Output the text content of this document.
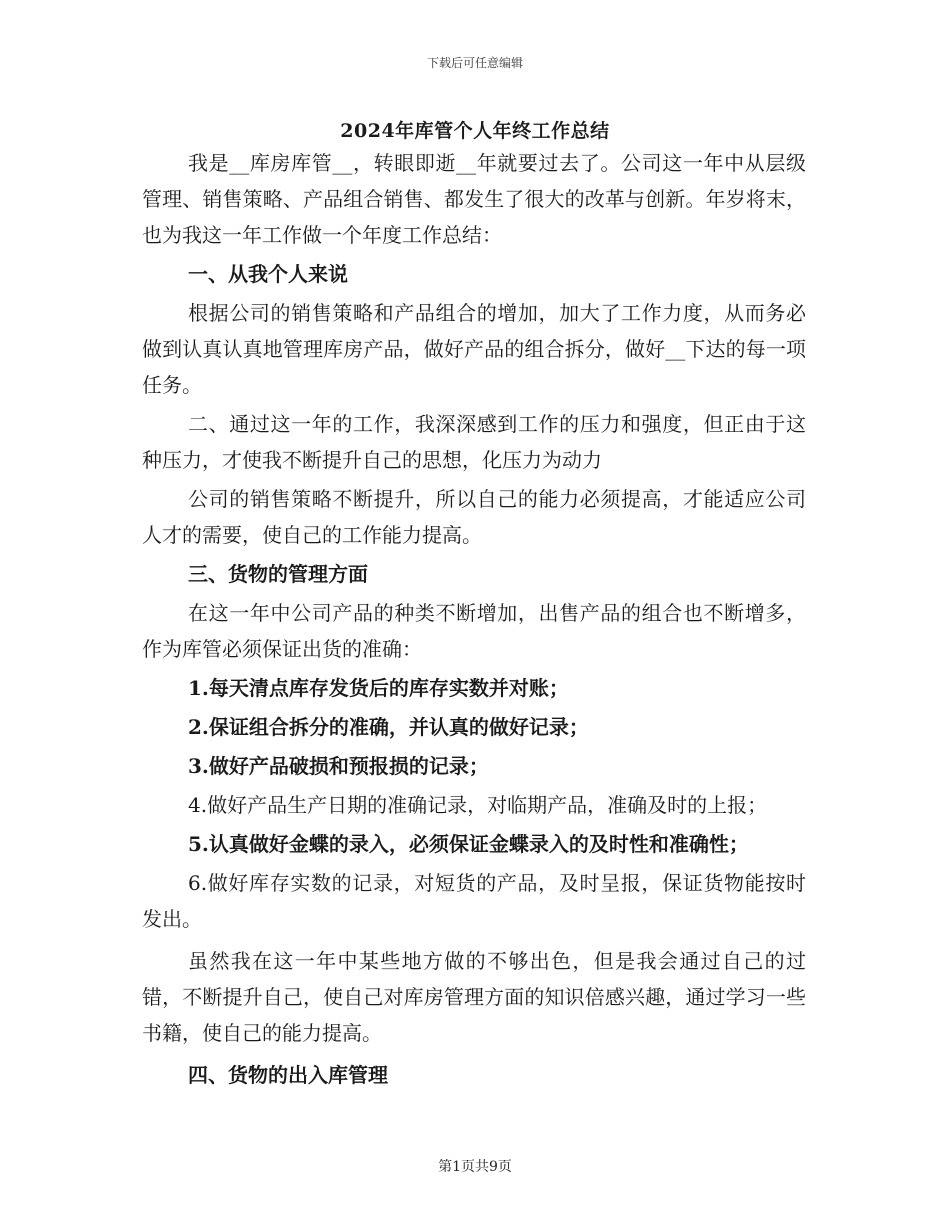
下载后可任意编辑
2024年库管个人年终工作总结

我是__库房库管__，转眼即逝__年就要过去了。公司这一年中从层级管理、销售策略、产品组合销售、都发生了很大的改革与创新。年岁将末，也为我这一年工作做一个年度工作总结：

一、从我个人来说

根据公司的销售策略和产品组合的增加，加大了工作力度，从而务必做到认真认真地管理库房产品，做好产品的组合拆分，做好__下达的每一项任务。

二、通过这一年的工作，我深深感到工作的压力和强度，但正由于这种压力，才使我不断提升自己的思想，化压力为动力

公司的销售策略不断提升，所以自己的能力必须提高，才能适应公司人才的需要，使自己的工作能力提高。

三、货物的管理方面

在这一年中公司产品的种类不断增加，出售产品的组合也不断增多，作为库管必须保证出货的准确：

1.每天清点库存发货后的库存实数并对账；

2.保证组合拆分的准确，并认真的做好记录；

3.做好产品破损和预报损的记录；

4.做好产品生产日期的准确记录，对临期产品，准确及时的上报；

5.认真做好金蝶的录入，必须保证金蝶录入的及时性和准确性；

6.做好库存实数的记录，对短货的产品，及时呈报，保证货物能按时发出。

虽然我在这一年中某些地方做的不够出色，但是我会通过自己的过错，不断提升自己，使自己对库房管理方面的知识倍感兴趣，通过学习一些书籍，使自己的能力提高。

四、货物的出入库管理

第1页共9页
